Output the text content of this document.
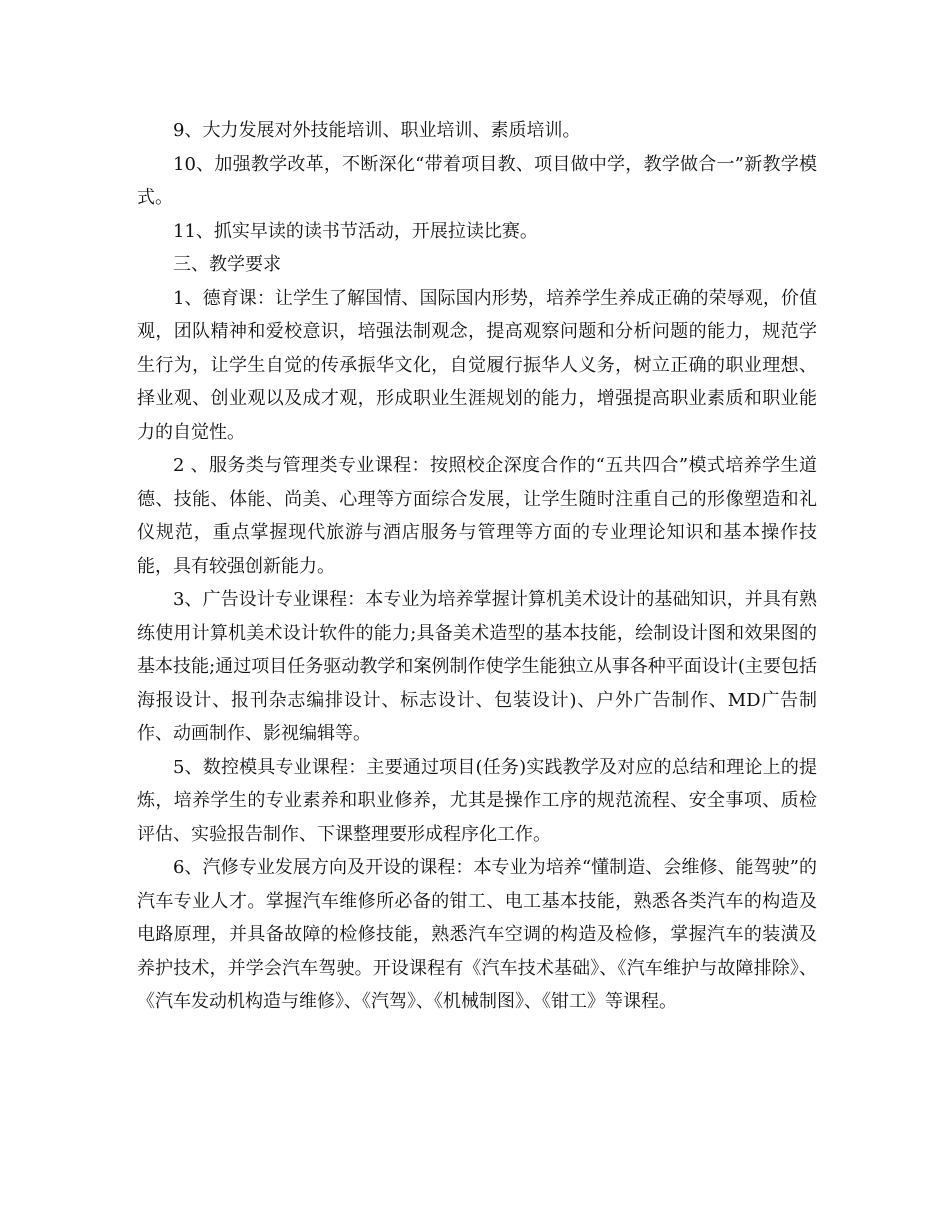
9、大力发展对外技能培训、职业培训、素质培训。

10、加强教学改革，不断深化“带着项目教、项目做中学，教学做合一”新教学模式。

11、抓实早读的读书节活动，开展拉读比赛。

三、教学要求

1、德育课：让学生了解国情、国际国内形势，培养学生养成正确的荣辱观，价值观，团队精神和爱校意识，培强法制观念，提高观察问题和分析问题的能力，规范学生行为，让学生自觉的传承振华文化，自觉履行振华人义务，树立正确的职业理想、择业观、创业观以及成才观，形成职业生涯规划的能力，增强提高职业素质和职业能力的自觉性。

2 、服务类与管理类专业课程：按照校企深度合作的“五共四合”模式培养学生道德、技能、体能、尚美、心理等方面综合发展，让学生随时注重自己的形像塑造和礼仪规范，重点掌握现代旅游与酒店服务与管理等方面的专业理论知识和基本操作技能，具有较强创新能力。

3、广告设计专业课程：本专业为培养掌握计算机美术设计的基础知识，并具有熟练使用计算机美术设计软件的能力;具备美术造型的基本技能，绘制设计图和效果图的基本技能;通过项目任务驱动教学和案例制作使学生能独立从事各种平面设计(主要包括海报设计、报刊杂志编排设计、标志设计、包装设计)、户外广告制作、MD广告制作、动画制作、影视编辑等。

5、数控模具专业课程：主要通过项目(任务)实践教学及对应的总结和理论上的提炼，培养学生的专业素养和职业修养，尤其是操作工序的规范流程、安全事项、质检评估、实验报告制作、下课整理要形成程序化工作。

6、汽修专业发展方向及开设的课程：本专业为培养“懂制造、会维修、能驾驶”的汽车专业人才。掌握汽车维修所必备的钳工、电工基本技能，熟悉各类汽车的构造及电路原理，并具备故障的检修技能，熟悉汽车空调的构造及检修，掌握汽车的装潢及养护技术，并学会汽车驾驶。开设课程有《汽车技术基础》、《汽车维护与故障排除》、《汽车发动机构造与维修》、《汽驾》、《机械制图》、《钳工》等课程。
